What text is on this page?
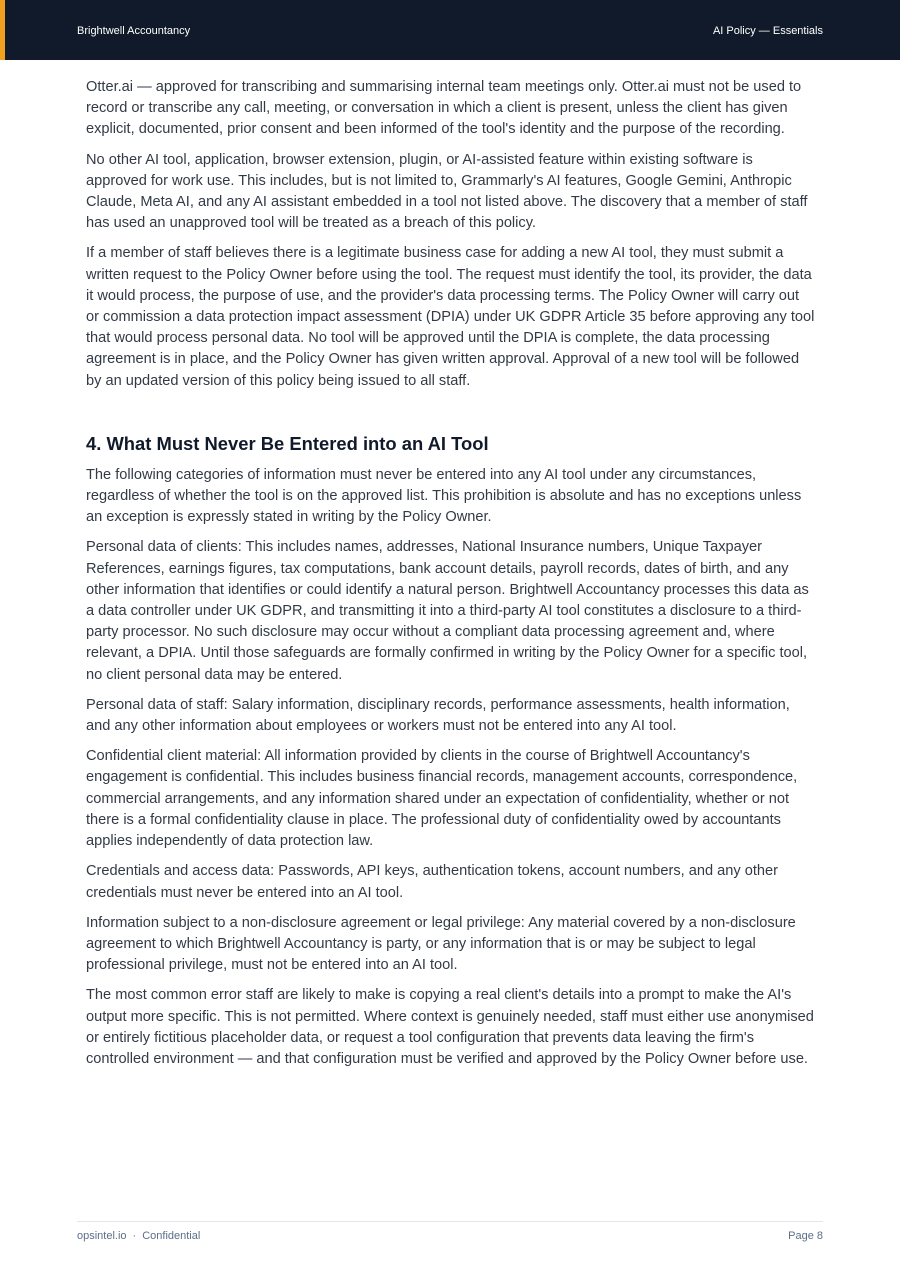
Brightwell Accountancy	AI Policy — Essentials

Otter.ai — approved for transcribing and summarising internal team meetings only. Otter.ai must not be used to record or transcribe any call, meeting, or conversation in which a client is present, unless the client has given explicit, documented, prior consent and been informed of the tool's identity and the purpose of the recording.

No other AI tool, application, browser extension, plugin, or AI-assisted feature within existing software is approved for work use. This includes, but is not limited to, Grammarly's AI features, Google Gemini, Anthropic Claude, Meta AI, and any AI assistant embedded in a tool not listed above. The discovery that a member of staff has used an unapproved tool will be treated as a breach of this policy.

If a member of staff believes there is a legitimate business case for adding a new AI tool, they must submit a written request to the Policy Owner before using the tool. The request must identify the tool, its provider, the data it would process, the purpose of use, and the provider's data processing terms. The Policy Owner will carry out or commission a data protection impact assessment (DPIA) under UK GDPR Article 35 before approving any tool that would process personal data. No tool will be approved until the DPIA is complete, the data processing agreement is in place, and the Policy Owner has given written approval. Approval of a new tool will be followed by an updated version of this policy being issued to all staff.

4. What Must Never Be Entered into an AI Tool

The following categories of information must never be entered into any AI tool under any circumstances, regardless of whether the tool is on the approved list. This prohibition is absolute and has no exceptions unless an exception is expressly stated in writing by the Policy Owner.

Personal data of clients: This includes names, addresses, National Insurance numbers, Unique Taxpayer References, earnings figures, tax computations, bank account details, payroll records, dates of birth, and any other information that identifies or could identify a natural person. Brightwell Accountancy processes this data as a data controller under UK GDPR, and transmitting it into a third-party AI tool constitutes a disclosure to a third-party processor. No such disclosure may occur without a compliant data processing agreement and, where relevant, a DPIA. Until those safeguards are formally confirmed in writing by the Policy Owner for a specific tool, no client personal data may be entered.

Personal data of staff: Salary information, disciplinary records, performance assessments, health information, and any other information about employees or workers must not be entered into any AI tool.

Confidential client material: All information provided by clients in the course of Brightwell Accountancy's engagement is confidential. This includes business financial records, management accounts, correspondence, commercial arrangements, and any information shared under an expectation of confidentiality, whether or not there is a formal confidentiality clause in place. The professional duty of confidentiality owed by accountants applies independently of data protection law.

Credentials and access data: Passwords, API keys, authentication tokens, account numbers, and any other credentials must never be entered into an AI tool.

Information subject to a non-disclosure agreement or legal privilege: Any material covered by a non-disclosure agreement to which Brightwell Accountancy is party, or any information that is or may be subject to legal professional privilege, must not be entered into an AI tool.

The most common error staff are likely to make is copying a real client's details into a prompt to make the AI's output more specific. This is not permitted. Where context is genuinely needed, staff must either use anonymised or entirely fictitious placeholder data, or request a tool configuration that prevents data leaving the firm's controlled environment — and that configuration must be verified and approved by the Policy Owner before use.

opsintel.io · Confidential	Page 8
